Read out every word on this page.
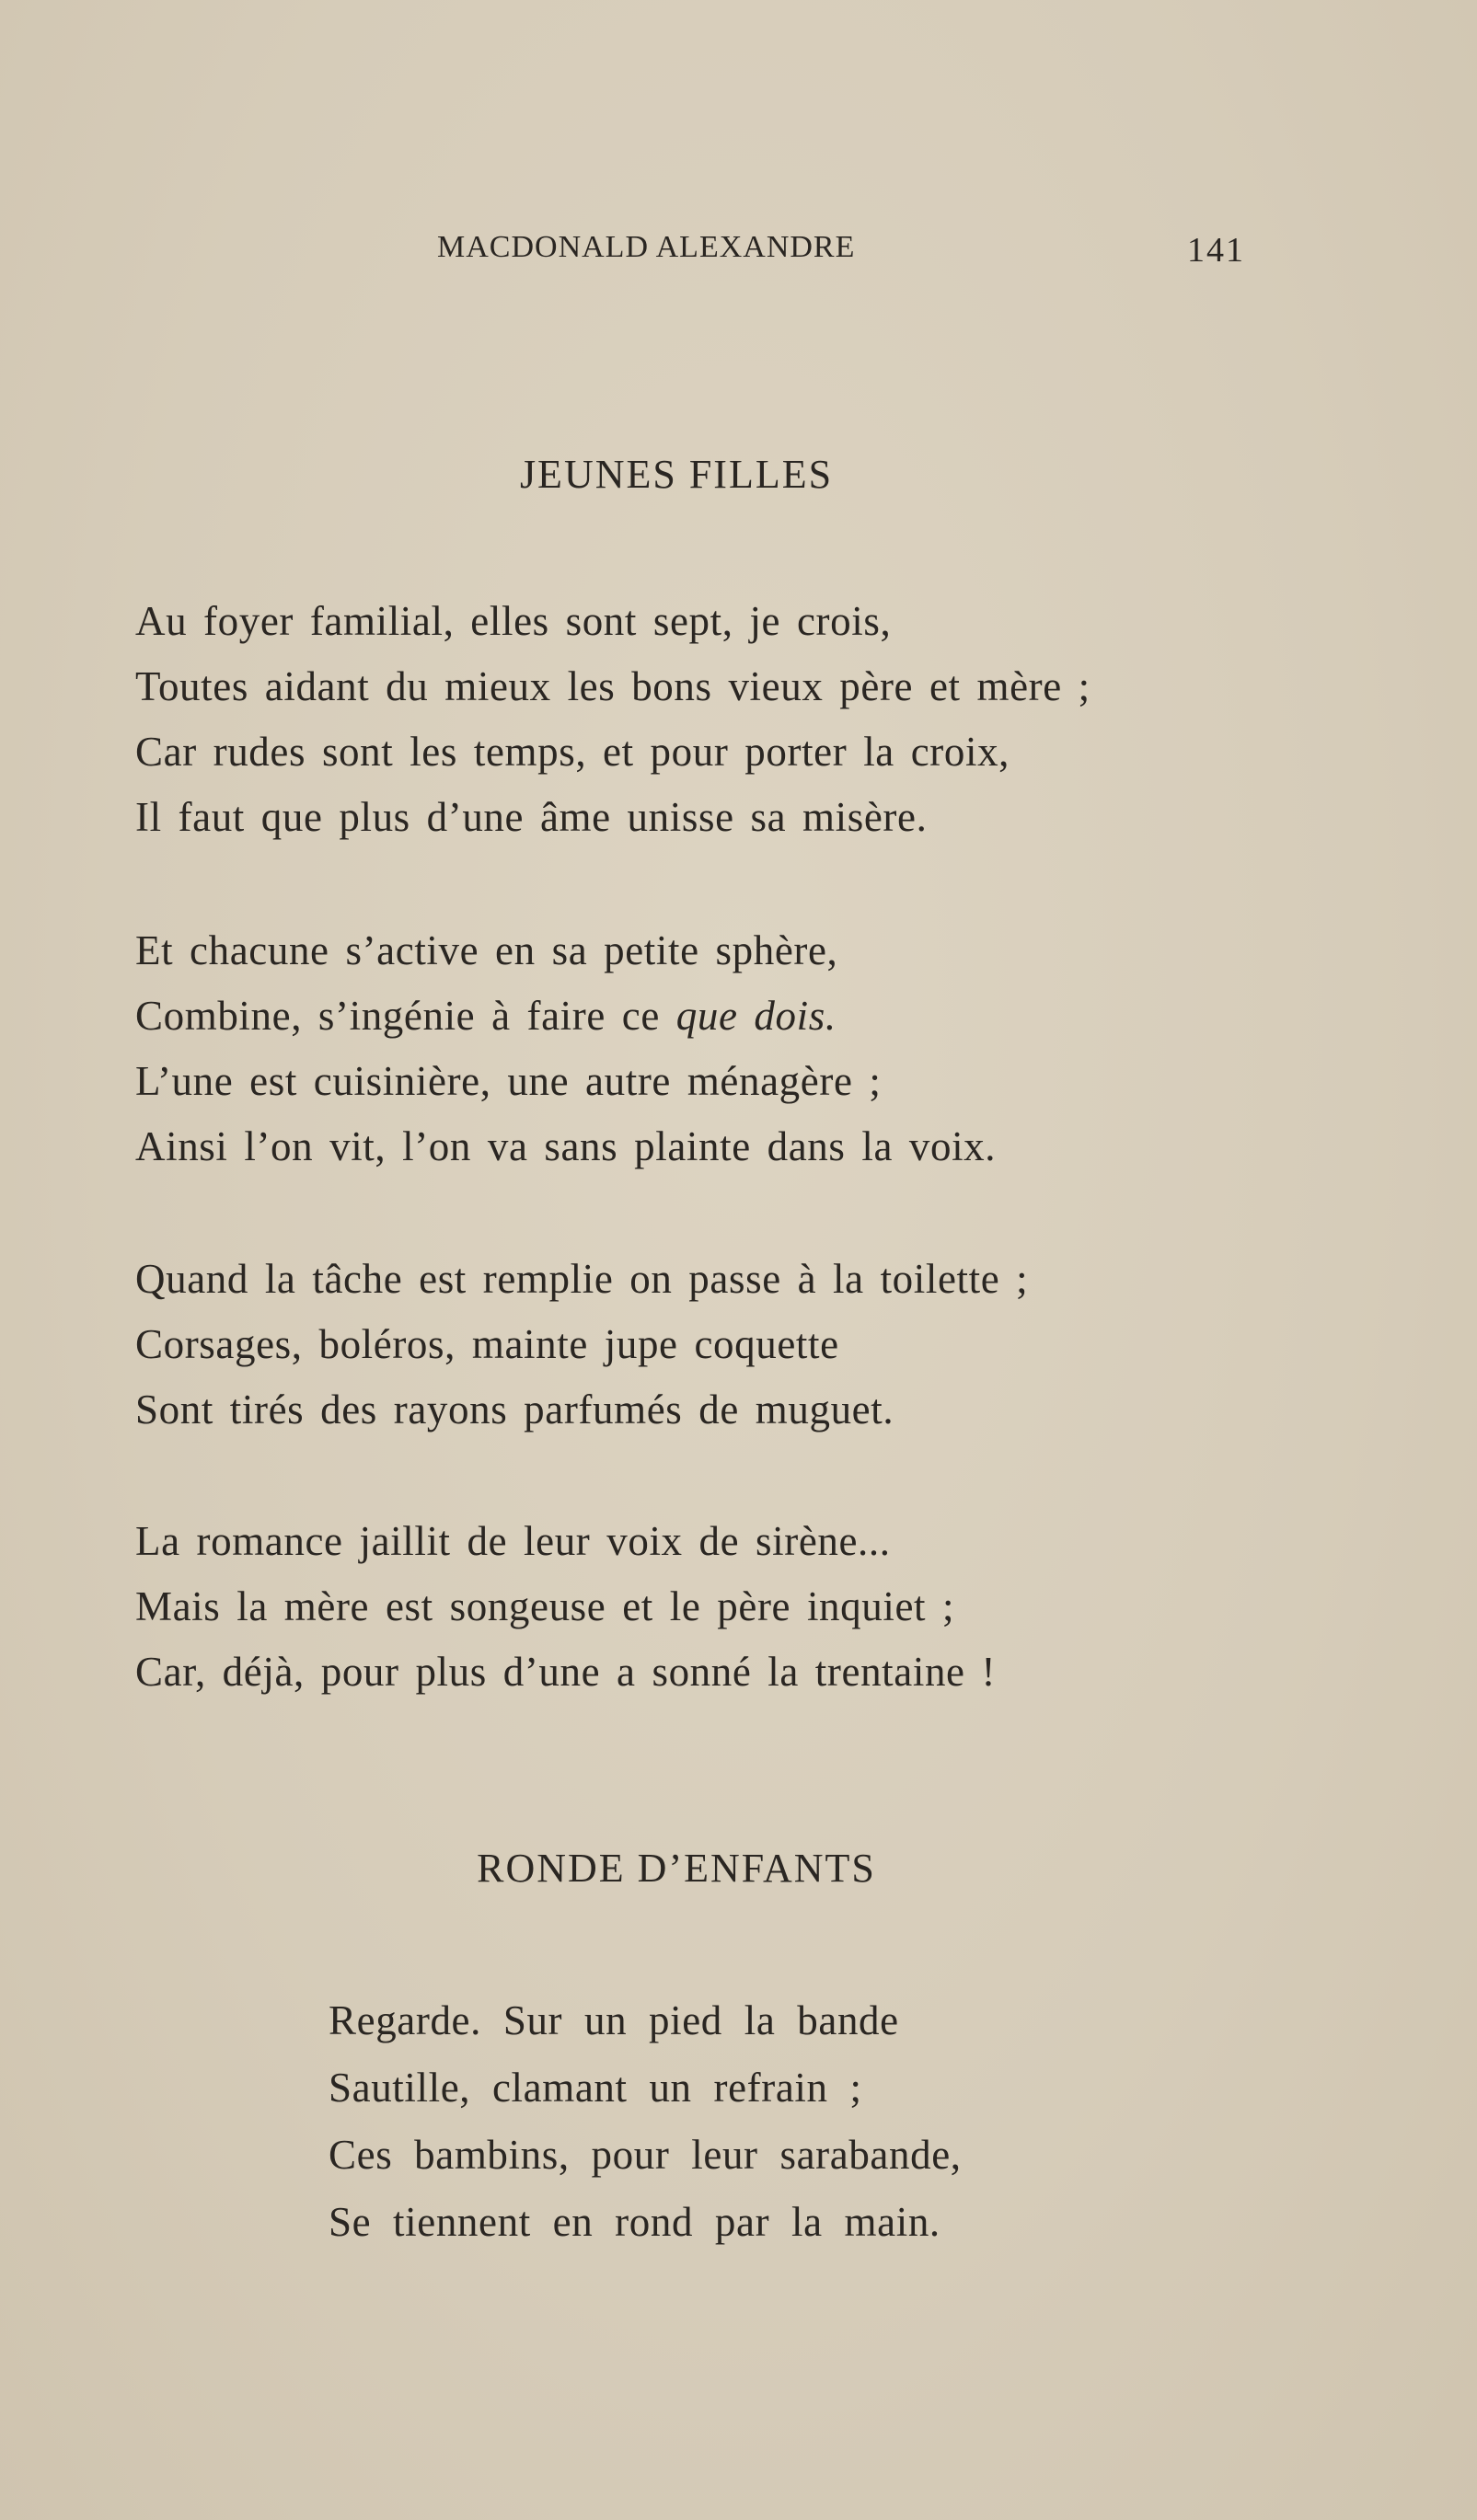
MACDONALD ALEXANDRE	141
JEUNES FILLES
Au foyer familial, elles sont sept, je crois,
Toutes aidant du mieux les bons vieux père et mère ;
Car rudes sont les temps, et pour porter la croix,
Il faut que plus d’une âme unisse sa misère.
Et chacune s’active en sa petite sphère,
Combine, s’ingénie à faire ce que dois.
L’une est cuisinière, une autre ménagère ;
Ainsi l’on vit, l’on va sans plainte dans la voix.
Quand la tâche est remplie on passe à la toilette ;
Corsages, boléros, mainte jupe coquette
Sont tirés des rayons parfumés de muguet.
La romance jaillit de leur voix de sirène...
Mais la mère est songeuse et le père inquiet ;
Car, déjà, pour plus d’une a sonné la trentaine !
RONDE D’ENFANTS
Regarde. Sur un pied la bande
Sautille, clamant un refrain ;
Ces bambins, pour leur sarabande,
Se tiennent en rond par la main.
